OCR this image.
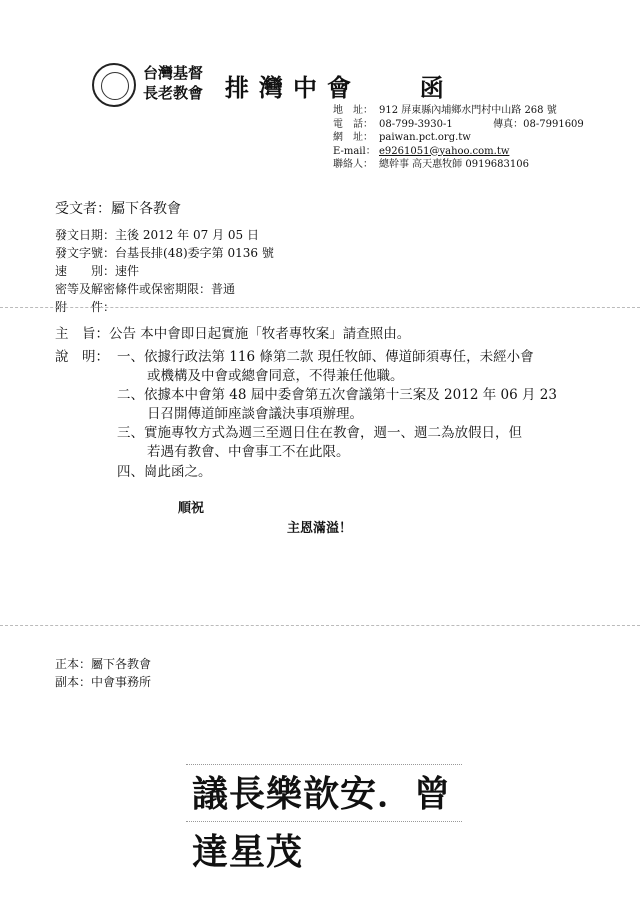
台灣基督
長老教會 排灣中會 函
地　址： 912 屏東縣內埔鄉水門村中山路 268 號
電　話： 08-799-3930-1	傳真：08-7991609
網　址： paiwan.pct.org.tw
E-mail： e9261051@yahoo.com.tw
聯絡人： 總幹事 高天惠牧師 0919683106
受文者：屬下各教會
發文日期：主後 2012 年 07 月 05 日
發文字號：台基長排(48)委字第 0136 號
速　　別：速件
密等及解密條件或保密期限：普通
附　　件：
主　旨：公告 本中會即日起實施「牧者專牧案」請查照由。
說　明： 一、依據行政法第 116 條第二款 現任牧師、傳道師須專任，未經小會
或機構及中會或總會同意，不得兼任他職。
二、依據本中會第 48 屆中委會第五次會議第十三案及 2012 年 06 月 23
日召開傳道師座談會議決事項辦理。
三、實施專牧方式為週三至週日住在教會，週一、週二為放假日，但
若遇有教會、中會事工不在此限。
四、崗此函之。
順祝
主恩滿溢！
正本：屬下各教會
副本：中會事務所
議長樂歆安．曾達星茂
